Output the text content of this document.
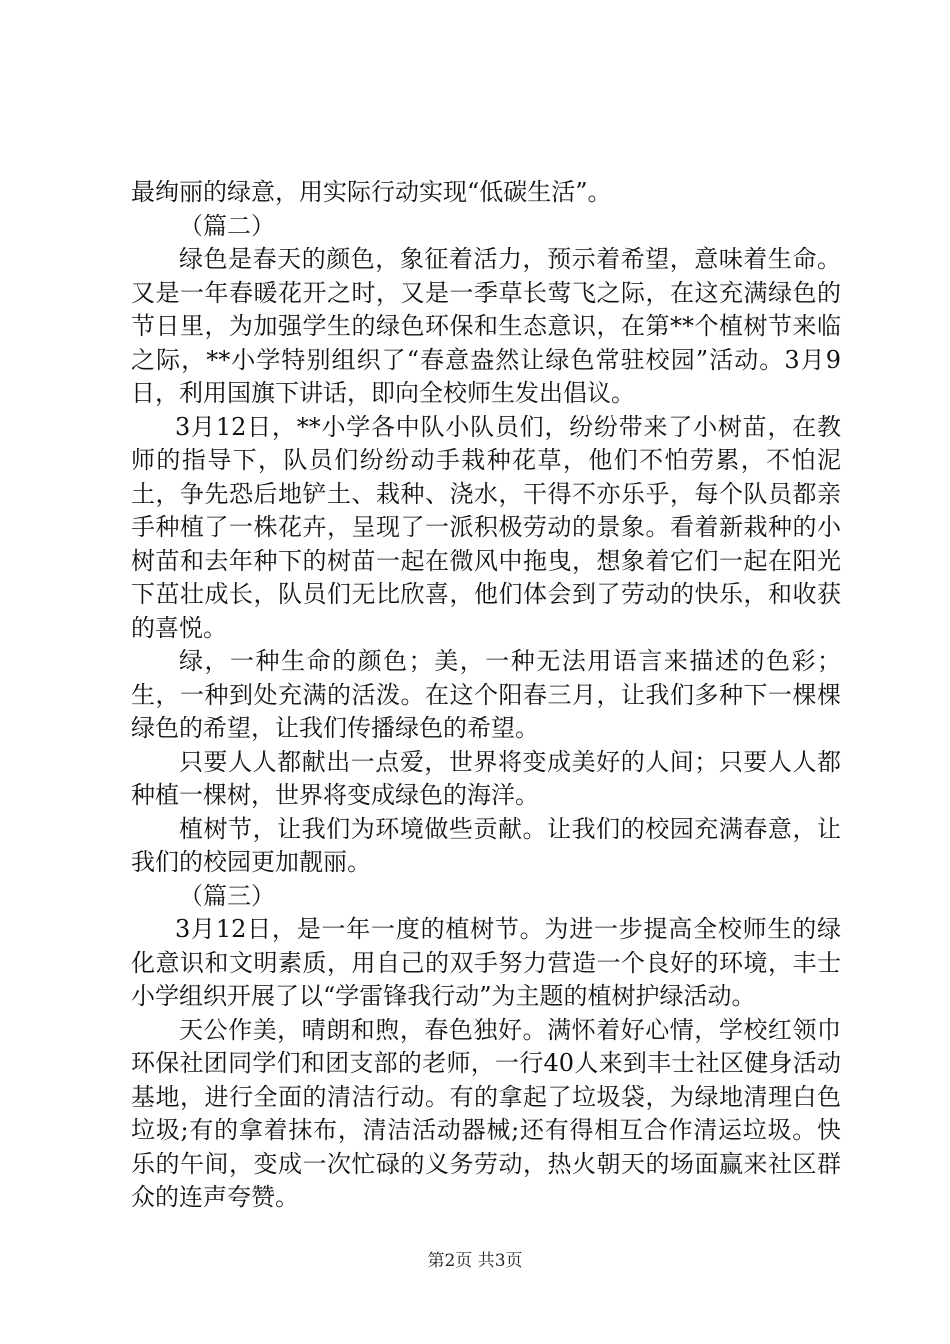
最绚丽的绿意，用实际行动实现“低碳生活”。

（篇二）

绿色是春天的颜色，象征着活力，预示着希望，意味着生命。又是一年春暖花开之时，又是一季草长莺飞之际，在这充满绿色的节日里，为加强学生的绿色环保和生态意识，在第**个植树节来临之际，**小学特别组织了“春意盎然让绿色常驻校园”活动。3月9日，利用国旗下讲话，即向全校师生发出倡议。

3月12日，**小学各中队小队员们，纷纷带来了小树苗，在教师的指导下，队员们纷纷动手栽种花草，他们不怕劳累，不怕泥土，争先恐后地铲土、栽种、浇水，干得不亦乐乎，每个队员都亲手种植了一株花卉，呈现了一派积极劳动的景象。看着新栽种的小树苗和去年种下的树苗一起在微风中拖曳，想象着它们一起在阳光下茁壮成长，队员们无比欣喜，他们体会到了劳动的快乐，和收获的喜悦。

绿，一种生命的颜色；美，一种无法用语言来描述的色彩；生，一种到处充满的活泼。在这个阳春三月，让我们多种下一棵棵绿色的希望，让我们传播绿色的希望。

只要人人都献出一点爱，世界将变成美好的人间；只要人人都种植一棵树，世界将变成绿色的海洋。

植树节，让我们为环境做些贡献。让我们的校园充满春意，让我们的校园更加靓丽。

（篇三）

3月12日，是一年一度的植树节。为进一步提高全校师生的绿化意识和文明素质，用自己的双手努力营造一个良好的环境，丰士小学组织开展了以“学雷锋我行动”为主题的植树护绿活动。

天公作美，晴朗和煦，春色独好。满怀着好心情，学校红领巾环保社团同学们和团支部的老师，一行40人来到丰士社区健身活动基地，进行全面的清洁行动。有的拿起了垃圾袋，为绿地清理白色垃圾;有的拿着抹布，清洁活动器械;还有得相互合作清运垃圾。快乐的午间，变成一次忙碌的义务劳动，热火朝天的场面赢来社区群众的连声夸赞。

第2页 共3页
